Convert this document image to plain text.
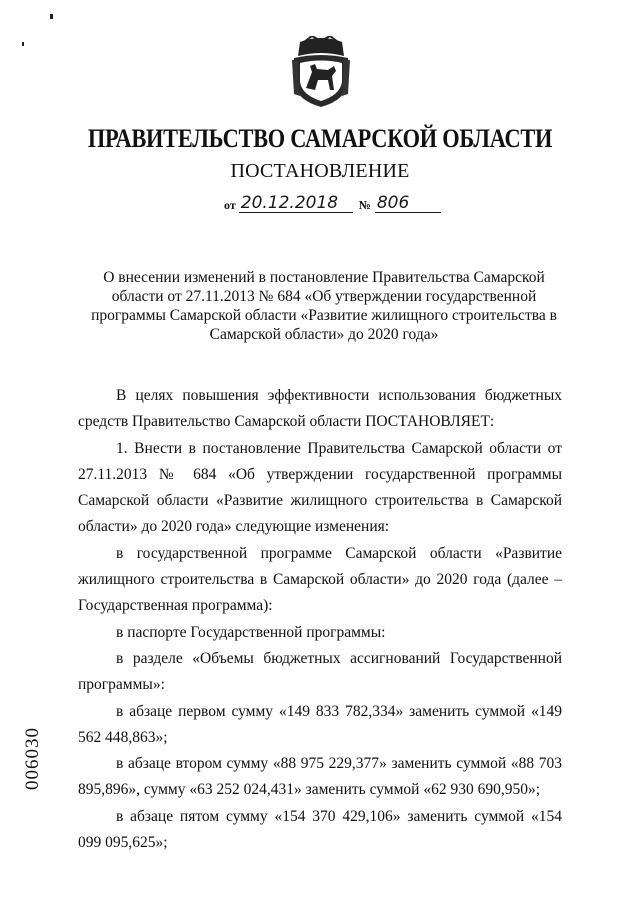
ПРАВИТЕЛЬСТВО САМАРСКОЙ ОБЛАСТИ
ПОСТАНОВЛЕНИЕ
от 20.12.2018	№ 806
О внесении изменений в постановление Правительства Самарской области от 27.11.2013 № 684 «Об утверждении государственной программы Самарской области «Развитие жилищного строительства в Самарской области» до 2020 года»

В целях повышения эффективности использования бюджетных средств Правительство Самарской области ПОСТАНОВЛЯЕТ:

1. Внести в постановление Правительства Самарской области от 27.11.2013 № 684 «Об утверждении государственной программы Самарской области «Развитие жилищного строительства в Самарской области» до 2020 года» следующие изменения:

в государственной программе Самарской области «Развитие жилищного строительства в Самарской области» до 2020 года (далее – Государственная программа):

в паспорте Государственной программы:

в разделе «Объемы бюджетных ассигнований Государственной программы»:

в абзаце первом сумму «149 833 782,334» заменить суммой «149 562 448,863»;

в абзаце втором сумму «88 975 229,377» заменить суммой «88 703 895,896», сумму «63 252 024,431» заменить суммой «62 930 690,950»;

в абзаце пятом сумму «154 370 429,106» заменить суммой «154 099 095,625»;

006030
